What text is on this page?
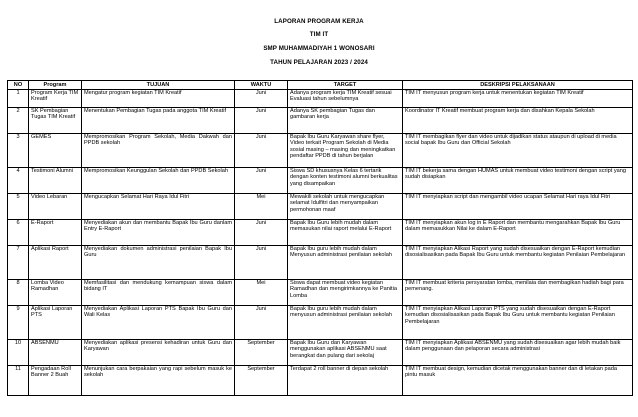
LAPORAN PROGRAM KERJA
TIM IT
SMP MUHAMMADIYAH 1 WONOSARI
TAHUN PELAJARAN 2023 / 2024
NO	Program	TUJUAN	WAKTU	TARGET	DESKRIPSI PELAKSANAAN
1	Program Kerja TIM Kreatif	Mengatur program kegiatan TIM Kreatif	Juni	Adanya program kerja TIM Kreatif sesuai Evaluasi tahun sebelumnya	TIM IT menyusun program kerja untuk menentukan kegiatan TIM Kreatif
2	SK Pembagian Tugas TIM Kreatif	Menentukan Pembagian Tugas pada anggota TIM Kreatif	Juni	Adanya SK pembagian Tugas dan gambaran kerja	Koordinator IT Kreatif membuat program kerja dan disahkan Kepala Sekolah
3	GEMES	Mempromosikan Program Sekolah, Media Dakwah dan PPDB sekolah	Juni	Bapak Ibu Guru Karyawan share flyer, Video terkait Program Sekolah di Media sosial masing – masing dan meningkatkan pendaftar PPDB di tahun berjalan	TIM IT membagikan flyer dan video untuk dijadikan status ataupun di upload di media social bapak Ibu Guru dan Official Sekolah
4	Testimoni Alumni	Mempromosikan Keunggulan Sekolah dan PPDB Sekolah	Juni	Siswa SD khususnya Kelas 6 tertarik dengan konten testimoni alumni berkualitas yang disampaikan	TIM IT bekerja sama dengan HUMAS untuk membuat video testimoni dengan script yang sudah disiapkan
5	Video Lebaran	Mengucapkan Selamat Hari Raya Idul Fitri	Mei	Mewakili sekolah untuk mengucapkan selamat Idulfitri dan menyampaikan permohonan maaf	TIM IT menyiapkan script dan mengambil video ucapan Selamat Hari raya Idul Fitri
6	E-Raport	Menyediakan akun dan membantu Bapak Ibu Guru danlam Entry E-Raport	Juni	Bapak Ibu Guru lebih mudah dalam memasukan nilai raport melalui E-Raport	TIM IT menyiapkan akun log in E Raport dan membantu mengarahkan Bapak Ibu Guru dalam memasukkan Nilai ke dalam E-Raport
7	Aplikasi Raport	Menyediakan dokumen administrasi penilaian Bapak Ibu Guru	Juni	Bapak Ibu guru lebih mudah dalam Menyusun administrasi penilaian sekolah	TIM IT menyiapkan Alikasi Raport yang sudah disesuaikan dengan E-Raport kemudian disosialisasikan pada Bapak Ibu Guru untuk membantu kegiatan Penilaian Pembelajaran
8	Lomba Video Ramadhan	Memfasilitasi dan mendukung kemampuan siswa dalam bidang IT	Mei	Siswa dapat membuat video kegiatan Ramadhan dan mengirimkannya ke Panitia Lomba	TIM IT membuat kriteria persyaratan lomba, menilaia dan membagikan hadiah bagi para pemenang.
9	Aplikasi Laporan PTS	Menyediakan Aplikasi Laporan PTS Bapak Ibu Guru dan Wali Kelas	Juni	Bapak Ibu guru lebih mudah dalam menyusun administrasi penilaian sekolah	TIM IT menyiapkan Alikasi Laporan PTS yang sudah disesuaikan dengan E-Raport kemudian disosialisasikan pada Bapak Ibu Guru untuk membantu kegiatan Penilaian Pembelajaran
10	ABSENMU	Menyediakan aplikasi presensi kehadiran untuk Guru dan Karyawan	September	Bapak Ibu Guru dan Karyawan menggunakan aplikasi ABSENMU saat berangkat dan pulang dari sekolaj	TIM IT menyiapkan Aplikasi ABSENMU yang sudah disesuaikan agar lebih mudah baik dalam penggunaan dan pelaporan secara administrasi
11	Pengadaan Roll Banner 2 Buah	Menunjukan cara berpakaian yang rapi sebelum masuk ke sekolah	September	Terdapat 2 roll banner di depan sekolah	TIM IT membuat design, kemudian dicetak menggunakan banner dan di letakan pada pintu masuk
